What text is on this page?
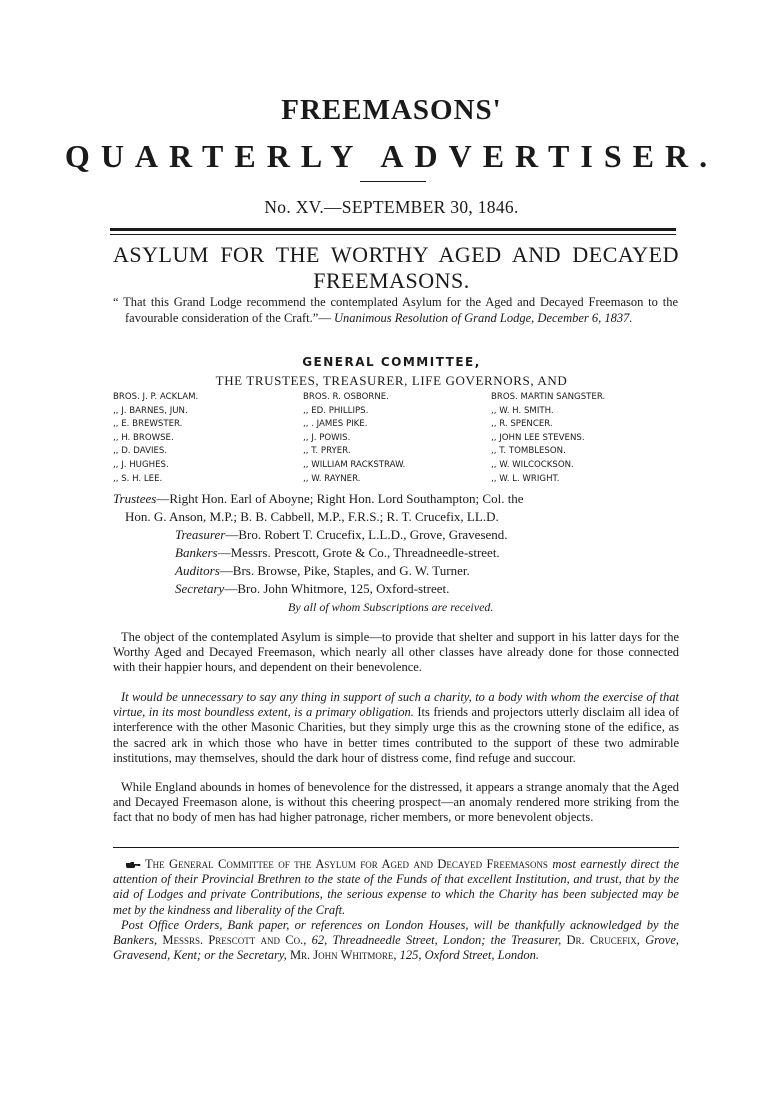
FREEMASONS'
QUARTERLY ADVERTISER.
No. XV.—SEPTEMBER 30, 1846.
ASYLUM FOR THE WORTHY AGED AND DECAYED
FREEMASONS.
“ That this Grand Lodge recommend the contemplated Asylum for the Aged and Decayed Freemason to the favourable consideration of the Craft.”— Unanimous Resolution of Grand Lodge, December 6, 1837.
GENERAL COMMITTEE,
THE TRUSTEES, TREASURER, LIFE GOVERNORS, AND
BROS. J. P. ACKLAM.
,, J. BARNES, JUN.
,, E. BREWSTER.
,, H. BROWSE.
,, D. DAVIES.
,, J. HUGHES.
,, S. H. LEE.
BROS. R. OSBORNE.
,, ED. PHILLIPS.
,, . JAMES PIKE.
,, J. POWIS.
,, T. PRYER.
,, WILLIAM RACKSTRAW.
,, W. RAYNER.
BROS. MARTIN SANGSTER.
,, W. H. SMITH.
,, R. SPENCER.
,, JOHN LEE STEVENS.
,, T. TOMBLESON.
,, W. WILCOCKSON.
,, W. L. WRIGHT.
Trustees—Right Hon. Earl of Aboyne; Right Hon. Lord Southampton; Col. the
Hon. G. Anson, M.P.; B. B. Cabbell, M.P., F.R.S.; R. T. Crucefix, LL.D.
Treasurer—Bro. Robert T. Crucefix, L.L.D., Grove, Gravesend.
Bankers—Messrs. Prescott, Grote & Co., Threadneedle-street.
Auditors—Brs. Browse, Pike, Staples, and G. W. Turner.
Secretary—Bro. John Whitmore, 125, Oxford-street.
By all of whom Subscriptions are received.
The object of the contemplated Asylum is simple—to provide that shelter and support in his latter days for the Worthy Aged and Decayed Freemason, which nearly all other classes have already done for those connected with their happier hours, and dependent on their benevolence.
It would be unnecessary to say any thing in support of such a charity, to a body with whom the exercise of that virtue, in its most boundless extent, is a primary obligation. Its friends and projectors utterly disclaim all idea of interference with the other Masonic Charities, but they simply urge this as the crowning stone of the edifice, as the sacred ark in which those who have in better times contributed to the support of these two admirable institutions, may themselves, should the dark hour of distress come, find refuge and succour.
While England abounds in homes of benevolence for the distressed, it appears a strange anomaly that the Aged and Decayed Freemason alone, is without this cheering prospect—an anomaly rendered more striking from the fact that no body of men has had higher patronage, richer members, or more benevolent objects.
The General Committee of the Asylum for Aged and Decayed Freemasons most earnestly direct the attention of their Provincial Brethren to the state of the Funds of that excellent Institution, and trust, that by the aid of Lodges and private Contributions, the serious expense to which the Charity has been subjected may be met by the kindness and liberality of the Craft.
Post Office Orders, Bank paper, or references on London Houses, will be thankfully acknowledged by the Bankers, Messrs. Prescott and Co., 62, Threadneedle Street, London; the Treasurer, Dr. Crucefix, Grove, Gravesend, Kent; or the Secretary, Mr. John Whitmore, 125, Oxford Street, London.
